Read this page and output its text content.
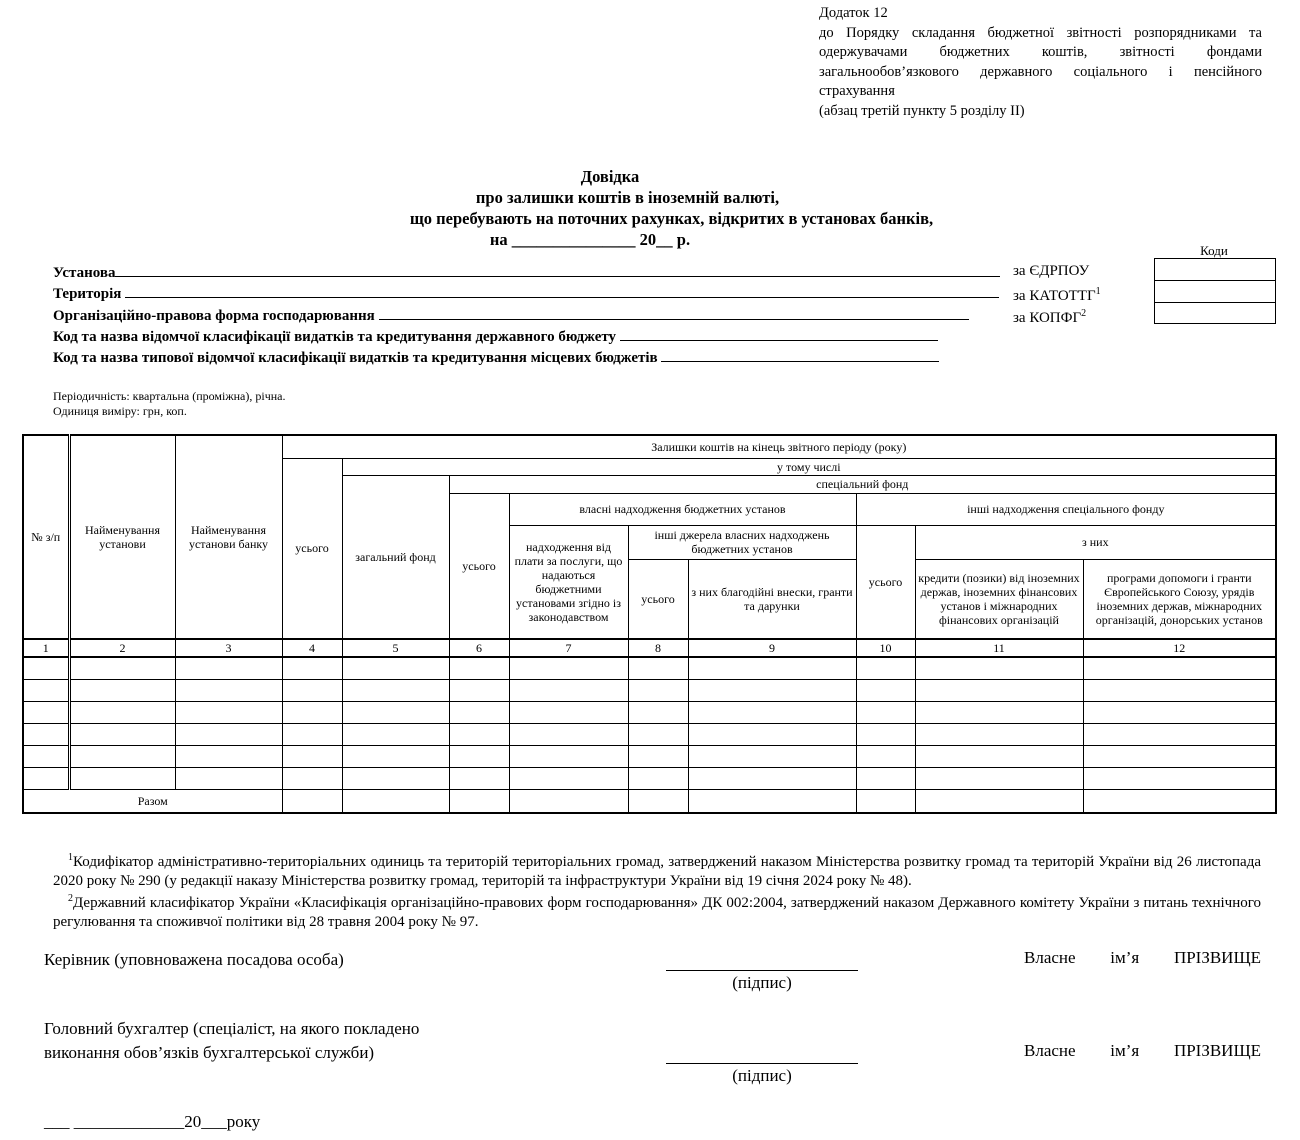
Додаток 12
до Порядку складання бюджетної звітності розпорядниками та одержувачами бюджетних коштів, звітності фондами загальнообов’язкового державного соціального і пенсійного страхування
(абзац третій пункту 5 розділу II)
Довідка
про залишки коштів в іноземній валюті,
що перебувають на поточних рахунках, відкритих в установах банків,
на _______________ 20__ р.
Коди
Установа	за ЄДРПОУ
Територія	за КАТОТТГ$^1$
Організаційно-правова форма господарювання	за КОПФГ$^2$
Код та назва відомчої класифікації видатків та кредитування державного бюджету
Код та назва типової відомчої класифікації видатків та кредитування місцевих бюджетів
Періодичність: квартальна (проміжна), річна.
Одиниця виміру: грн, коп.
№ з/п	Найменування установи	Найменування установи банку	Залишки коштів на кінець звітного періоду (року)								
			усього	у тому числі							
				загальний фонд	спеціальний фонд						
					усього	власні надходження бюджетних установ			інші надходження спеціального фонду		
						надходження від плати за послуги, що надаються бюджетними установами згідно із законодавством	інші джерела власних надходжень бюджетних установ		усього	з них	
							усього	з них благодійні внески, гранти та дарунки		кредити (позики) від іноземних держав, іноземних фінансових установ і міжнародних фінансових організацій	програми допомоги і гранти Європейського Союзу, урядів іноземних держав, міжнародних організацій, донорських установ

1	2	3	4	5	6	7	8	9	10	11	12

Разом											
$^1$Кодифікатор адміністративно-територіальних одиниць та територій територіальних громад, затверджений наказом Міністерства розвитку громад та територій України від 26 листопада 2020 року № 290 (у редакції наказу Міністерства розвитку громад, територій та інфраструктури України від 19 січня 2024 року № 48).
$^2$Державний класифікатор України «Класифікація організаційно-правових форм господарювання» ДК 002:2004, затверджений наказом Державного комітету України з питань технічного регулювання та споживчої політики від 28 травня 2004 року № 97.
Керівник (уповноважена посадова особа)
(підпис)
Власне ім’я ПРІЗВИЩЕ
Головний бухгалтер (спеціаліст, на якого покладено
виконання обов’язків бухгалтерської служби)
(підпис)
Власне ім’я ПРІЗВИЩЕ
___ _____________20___року
